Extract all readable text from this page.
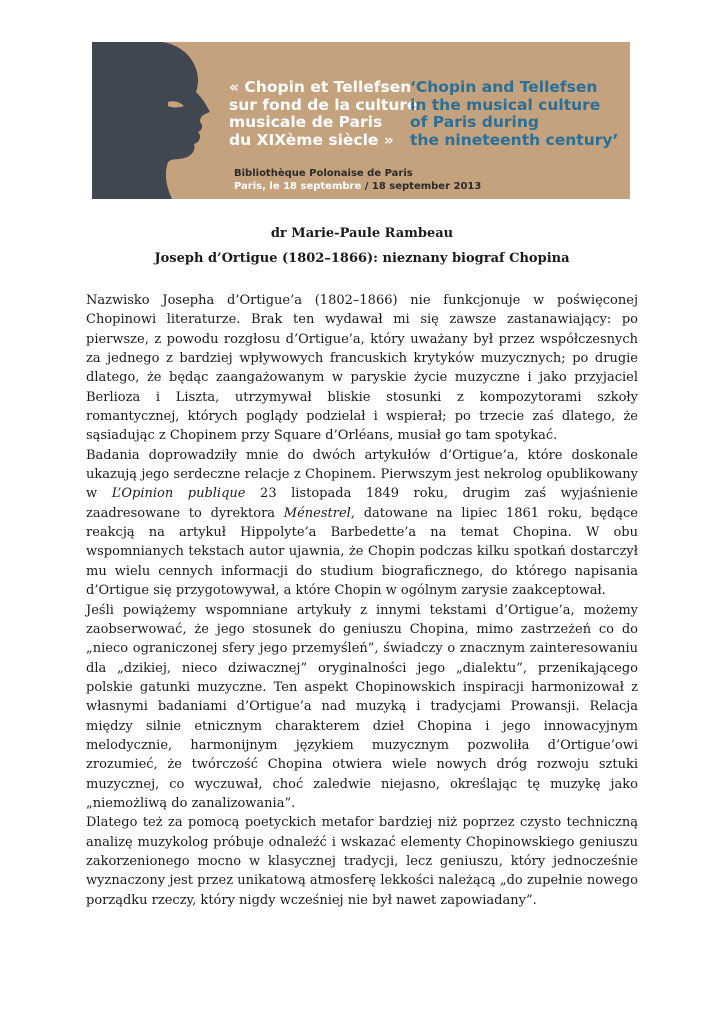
« Chopin et Tellefsen
sur fond de la culture
musicale de Paris
du XIXème siècle »
‘Chopin and Tellefsen
in the musical culture
of Paris during
the nineteenth century’
Bibliothèque Polonaise de Paris
Paris, le 18 septembre / 18 september 2013
dr Marie-Paule Rambeau
Joseph d’Ortigue (1802–1866): nieznany biograf Chopina

Nazwisko Josepha d’Ortigue’a (1802–1866) nie funkcjonuje w poświęconej Chopinowi literaturze. Brak ten wydawał mi się zawsze zastanawiający: po pierwsze, z powodu rozgłosu d’Ortigue’a, który uważany był przez współczesnych za jednego z bardziej wpływowych francuskich krytyków muzycznych; po drugie dlatego, że będąc zaangażowanym w paryskie życie muzyczne i jako przyjaciel Berlioza i Liszta, utrzymywał bliskie stosunki z kompozytorami szkoły romantycznej, których poglądy podzielał i wspierał; po trzecie zaś dlatego, że sąsiadując z Chopinem przy Square d’Orléans, musiał go tam spotykać.

Badania doprowadziły mnie do dwóch artykułów d’Ortigue’a, które doskonale ukazują jego serdeczne relacje z Chopinem. Pierwszym jest nekrolog opublikowany w L’Opinion publique 23 listopada 1849 roku, drugim zaś wyjaśnienie zaadresowane to dyrektora Ménestrel, datowane na lipiec 1861 roku, będące reakcją na artykuł Hippolyte’a Barbedette’a na temat Chopina. W obu wspomnianych tekstach autor ujawnia, że Chopin podczas kilku spotkań dostarczył mu wielu cennych informacji do studium biograficznego, do którego napisania d’Ortigue się przygotowywał, a które Chopin w ogólnym zarysie zaakceptował.

Jeśli powiążemy wspomniane artykuły z innymi tekstami d’Ortigue’a, możemy zaobserwować, że jego stosunek do geniuszu Chopina, mimo zastrzeżeń co do „nieco ograniczonej sfery jego przemyśleń”, świadczy o znacznym zainteresowaniu dla „dzikiej, nieco dziwacznej” oryginalności jego „dialektu”, przenikającego polskie gatunki muzyczne. Ten aspekt Chopinowskich inspiracji harmonizował z własnymi badaniami d’Ortigue’a nad muzyką i tradycjami Prowansji. Relacja między silnie etnicznym charakterem dzieł Chopina i jego innowacyjnym melodycznie, harmonijnym językiem muzycznym pozwoliła d’Ortigue’owi zrozumieć, że twórczość Chopina otwiera wiele nowych dróg rozwoju sztuki muzycznej, co wyczuwał, choć zaledwie niejasno, określając tę muzykę jako „niemożliwą do zanalizowania”.

Dlatego też za pomocą poetyckich metafor bardziej niż poprzez czysto techniczną analizę muzykolog próbuje odnaleźć i wskazać elementy Chopinowskiego geniuszu zakorzenionego mocno w klasycznej tradycji, lecz geniuszu, który jednocześnie wyznaczony jest przez unikatową atmosferę lekkości należącą „do zupełnie nowego porządku rzeczy, który nigdy wcześniej nie był nawet zapowiadany”.
